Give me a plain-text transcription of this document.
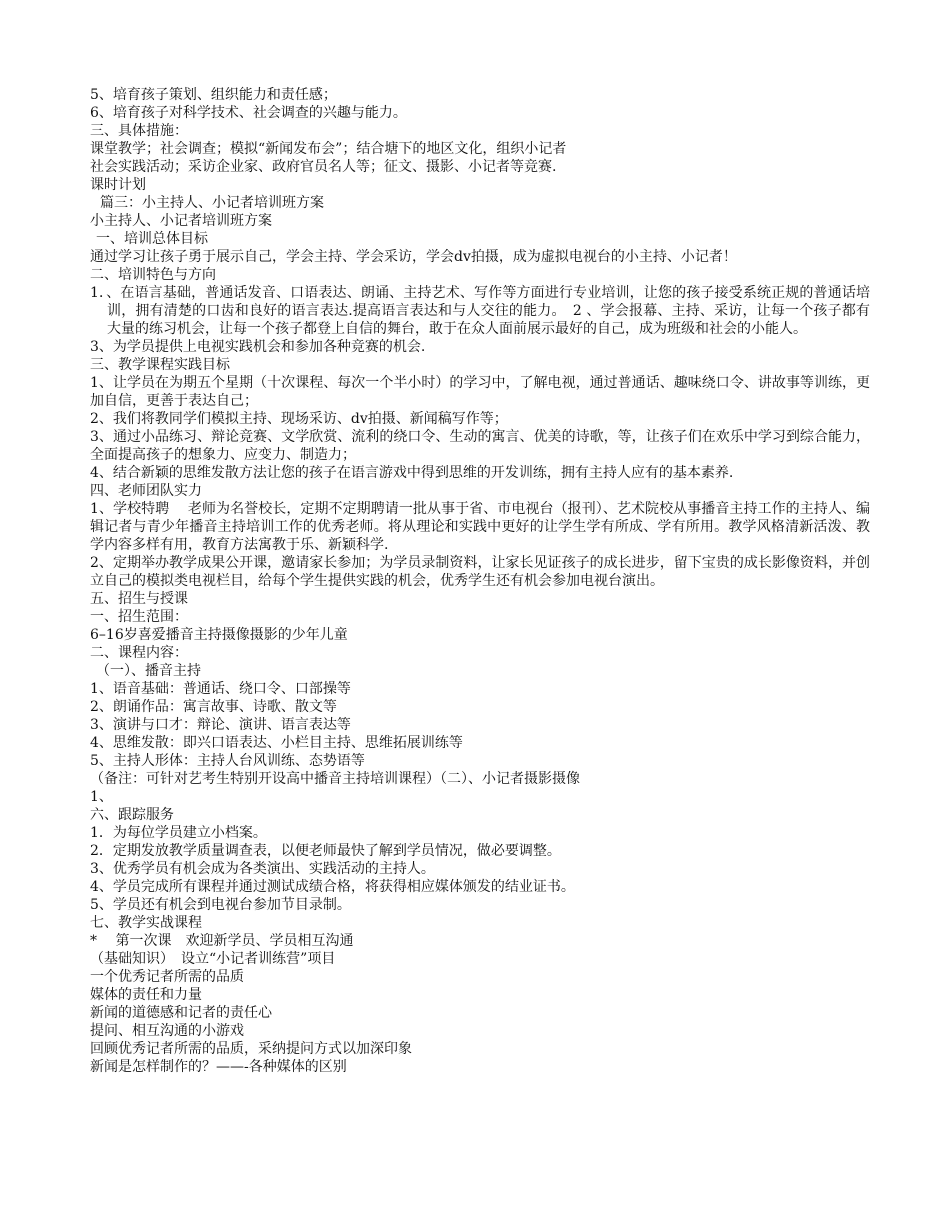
5、培育孩子策划、组织能力和责任感；
6、培育孩子对科学技术、社会调查的兴趣与能力。
三、具体措施：
课堂教学；社会调查；模拟“新闻发布会”；结合塘下的地区文化，组织小记者
社会实践活动；采访企业家、政府官员名人等；征文、摄影、小记者等竞赛.
课时计划
篇三：小主持人、小记者培训班方案
小主持人、小记者培训班方案
一、培训总体目标
通过学习让孩子勇于展示自己，学会主持、学会采访，学会dv拍摄，成为虚拟电视台的小主持、小记者！
二、培训特色与方向
1．、在语言基础，普通话发音、口语表达、朗诵、主持艺术、写作等方面进行专业培训，让您的孩子接受系统正规的普通话培训，拥有清楚的口齿和良好的语言表达.提高语言表达和与人交往的能力。　2 、学会报幕、主持、采访，让每一个孩子都有大量的练习机会，让每一个孩子都登上自信的舞台，敢于在众人面前展示最好的自己，成为班级和社会的小能人。
3、为学员提供上电视实践机会和参加各种竞赛的机会.
三、教学课程实践目标
1、让学员在为期五个星期（十次课程、每次一个半小时）的学习中，了解电视，通过普通话、趣味绕口令、讲故事等训练，更加自信，更善于表达自己；
2、我们将教同学们模拟主持、现场采访、dv拍摄、新闻稿写作等；
3、通过小品练习、辩论竞赛、文学欣赏、流利的绕口令、生动的寓言、优美的诗歌，等，让孩子们在欢乐中学习到综合能力，全面提高孩子的想象力、应变力、制造力；
4、结合新颖的思维发散方法让您的孩子在语言游戏中得到思维的开发训练，拥有主持人应有的基本素养.
四、老师团队实力
1、学校特聘　 老师为名誉校长，定期不定期聘请一批从事于省、市电视台（报刊）、艺术院校从事播音主持工作的主持人、编辑记者与青少年播音主持培训工作的优秀老师。将从理论和实践中更好的让学生学有所成、学有所用。教学风格清新活泼、教学内容多样有用，教育方法寓教于乐、新颖科学.
2、定期举办教学成果公开课，邀请家长参加；为学员录制资料，让家长见证孩子的成长进步，留下宝贵的成长影像资料，并创立自己的模拟类电视栏目，给每个学生提供实践的机会，优秀学生还有机会参加电视台演出。
五、招生与授课
一、招生范围：
6–16岁喜爱播音主持摄像摄影的少年儿童
二、课程内容：
（一）、播音主持
1、语音基础：普通话、绕口令、口部操等
2、朗诵作品：寓言故事、诗歌、散文等
3、演讲与口才：辩论、演讲、语言表达等
4、思维发散：即兴口语表达、小栏目主持、思维拓展训练等
5、主持人形体：主持人台风训练、态势语等
（备注：可针对艺考生特别开设高中播音主持培训课程）（二）、小记者摄影摄像
1、
六、跟踪服务
1．为每位学员建立小档案。
2．定期发放教学质量调查表，以便老师最快了解到学员情况，做必要调整。
3、优秀学员有机会成为各类演出、实践活动的主持人。
4、学员完成所有课程并通过测试成绩合格，将获得相应媒体颁发的结业证书。
5、学员还有机会到电视台参加节目录制。
七、教学实战课程
*　 第一次课　欢迎新学员、学员相互沟通
（基础知识）　设立“小记者训练营”项目
一个优秀记者所需的品质
媒体的责任和力量
新闻的道德感和记者的责任心
提问、相互沟通的小游戏
回顾优秀记者所需的品质，采纳提问方式以加深印象
新闻是怎样制作的？——-各种媒体的区别
